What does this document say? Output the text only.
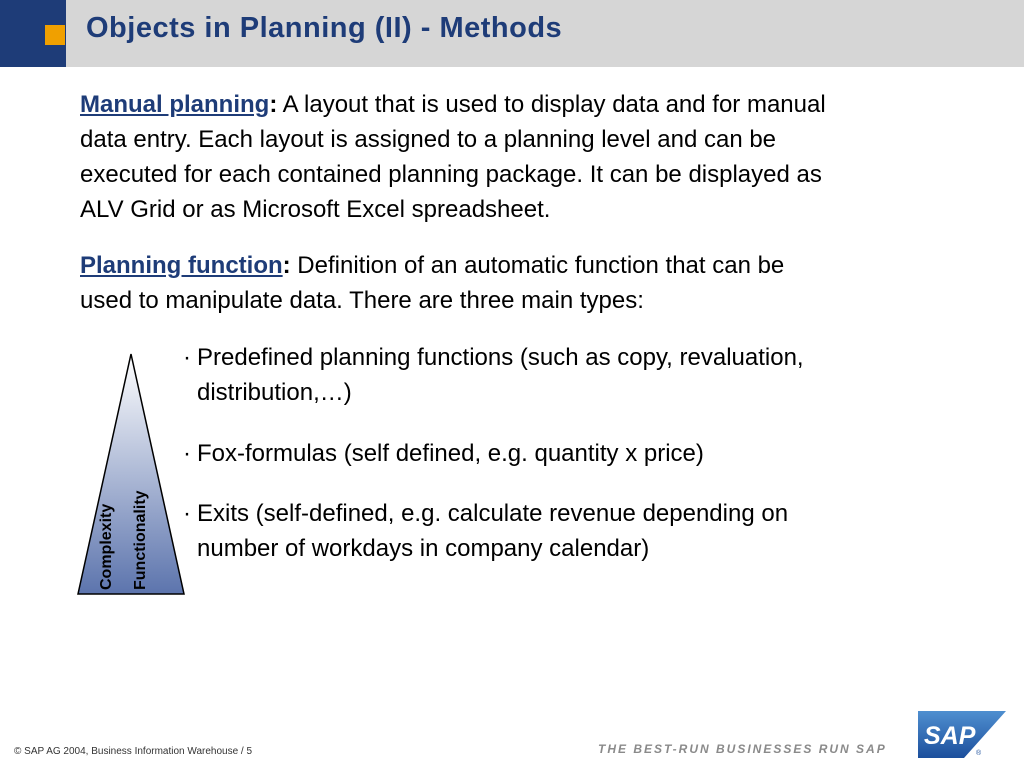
Objects in Planning (II) - Methods
Manual planning: A layout that is used to display data and for manual
data entry. Each layout is assigned to a planning level and can be
executed for each contained planning package. It can be displayed as
ALV Grid or as Microsoft Excel spreadsheet.
Planning function: Definition of an automatic function that can be
used to manipulate data. There are three main types:
· Predefined planning functions (such as copy, revaluation,
distribution,…)
· Fox-formulas (self defined, e.g. quantity x price)
· Exits (self-defined, e.g. calculate revenue depending on
number of workdays in company calendar)
Complexity Functionality
© SAP AG 2004, Business Information Warehouse / 5	THE BEST-RUN BUSINESSES RUN SAP SAP
®
